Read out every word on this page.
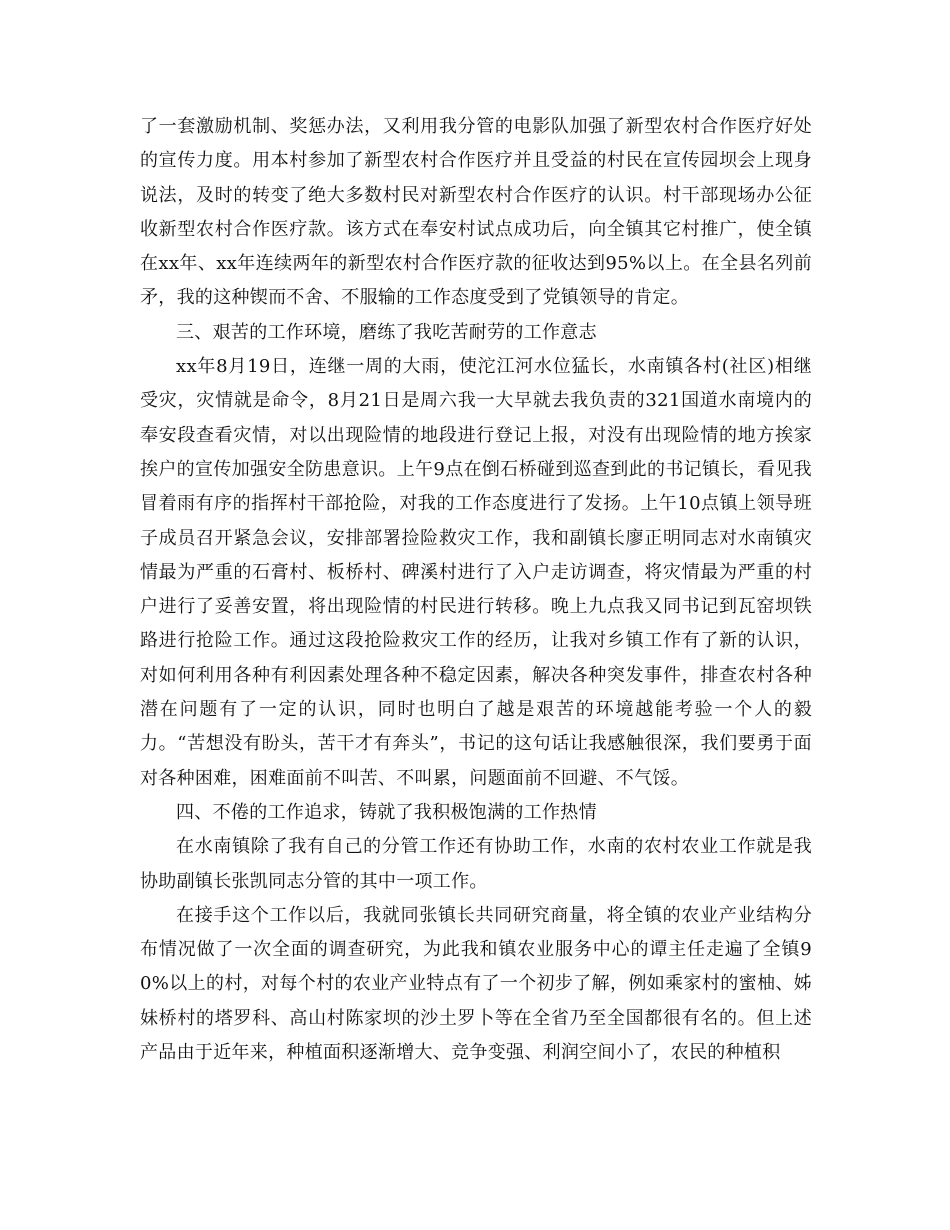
了一套激励机制、奖惩办法，又利用我分管的电影队加强了新型农村合作医疗好处的宣传力度。用本村参加了新型农村合作医疗并且受益的村民在宣传园坝会上现身说法，及时的转变了绝大多数村民对新型农村合作医疗的认识。村干部现场办公征收新型农村合作医疗款。该方式在奉安村试点成功后，向全镇其它村推广，使全镇在xx年、xx年连续两年的新型农村合作医疗款的征收达到95%以上。在全县名列前矛，我的这种锲而不舍、不服输的工作态度受到了党镇领导的肯定。

三、艰苦的工作环境，磨练了我吃苦耐劳的工作意志

xx年8月19日，连继一周的大雨，使沱江河水位猛长，水南镇各村(社区)相继受灾，灾情就是命令，8月21日是周六我一大早就去我负责的321国道水南境内的奉安段查看灾情，对以出现险情的地段进行登记上报，对没有出现险情的地方挨家挨户的宣传加强安全防患意识。上午9点在倒石桥碰到巡查到此的书记镇长，看见我冒着雨有序的指挥村干部抢险，对我的工作态度进行了发扬。上午10点镇上领导班子成员召开紧急会议，安排部署捡险救灾工作，我和副镇长廖正明同志对水南镇灾情最为严重的石膏村、板桥村、碑溪村进行了入户走访调查，将灾情最为严重的村户进行了妥善安置，将出现险情的村民进行转移。晚上九点我又同书记到瓦窑坝铁路进行抢险工作。通过这段抢险救灾工作的经历，让我对乡镇工作有了新的认识，对如何利用各种有利因素处理各种不稳定因素，解决各种突发事件，排查农村各种潜在问题有了一定的认识，同时也明白了越是艰苦的环境越能考验一个人的毅力。“苦想没有盼头，苦干才有奔头”，书记的这句话让我感触很深，我们要勇于面对各种困难，困难面前不叫苦、不叫累，问题面前不回避、不气馁。

四、不倦的工作追求，铸就了我积极饱满的工作热情

在水南镇除了我有自己的分管工作还有协助工作，水南的农村农业工作就是我协助副镇长张凯同志分管的其中一项工作。

在接手这个工作以后，我就同张镇长共同研究商量，将全镇的农业产业结构分布情况做了一次全面的调查研究，为此我和镇农业服务中心的谭主任走遍了全镇90%以上的村，对每个村的农业产业特点有了一个初步了解，例如乘家村的蜜柚、姊妹桥村的塔罗科、高山村陈家坝的沙土罗卜等在全省乃至全国都很有名的。但上述产品由于近年来，种植面积逐渐增大、竞争变强、利润空间小了，农民的种植积
